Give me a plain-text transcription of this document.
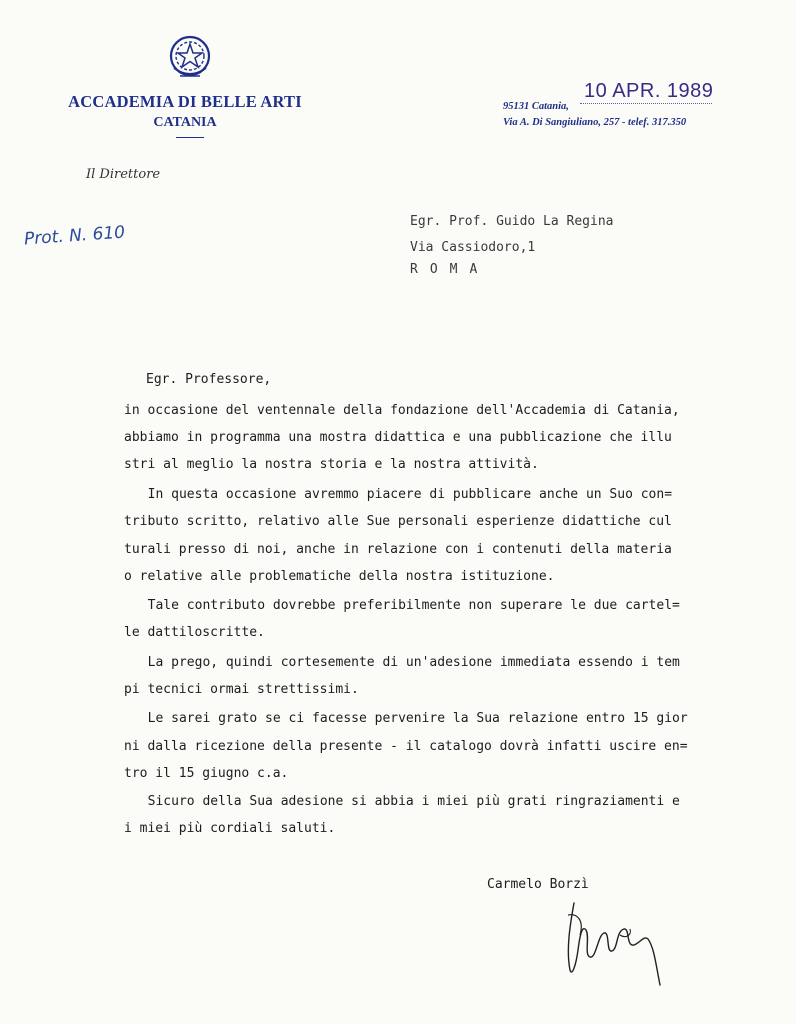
ACCADEMIA DI BELLE ARTI
CATANIA
10 APR. 1989
95131 Catania,
Via A. Di Sangiuliano, 257 - telef. 317.350
Il Direttore
Prot. N. 610
Egr. Prof. Guido La Regina
Via Cassiodoro,1
ROMA
Egr. Professore,
in occasione del ventennale della fondazione dell'Accademia di Catania,
abbiamo in programma una mostra didattica e una pubblicazione che illu
stri al meglio la nostra storia e la nostra attività.
In questa occasione avremmo piacere di pubblicare anche un Suo con=
tributo scritto, relativo alle Sue personali esperienze didattiche cul
turali presso di noi, anche in relazione con i contenuti della materia
o relative alle problematiche della nostra istituzione.
Tale contributo dovrebbe preferibilmente non superare le due cartel=
le dattiloscritte.
La prego, quindi cortesemente di un'adesione immediata essendo i tem
pi tecnici ormai strettissimi.
Le sarei grato se ci facesse pervenire la Sua relazione entro 15 gior
ni dalla ricezione della presente - il catalogo dovrà infatti uscire en=
tro il 15 giugno c.a.
Sicuro della Sua adesione si abbia i miei più grati ringraziamenti e
i miei più cordiali saluti.
Carmelo Borzì
